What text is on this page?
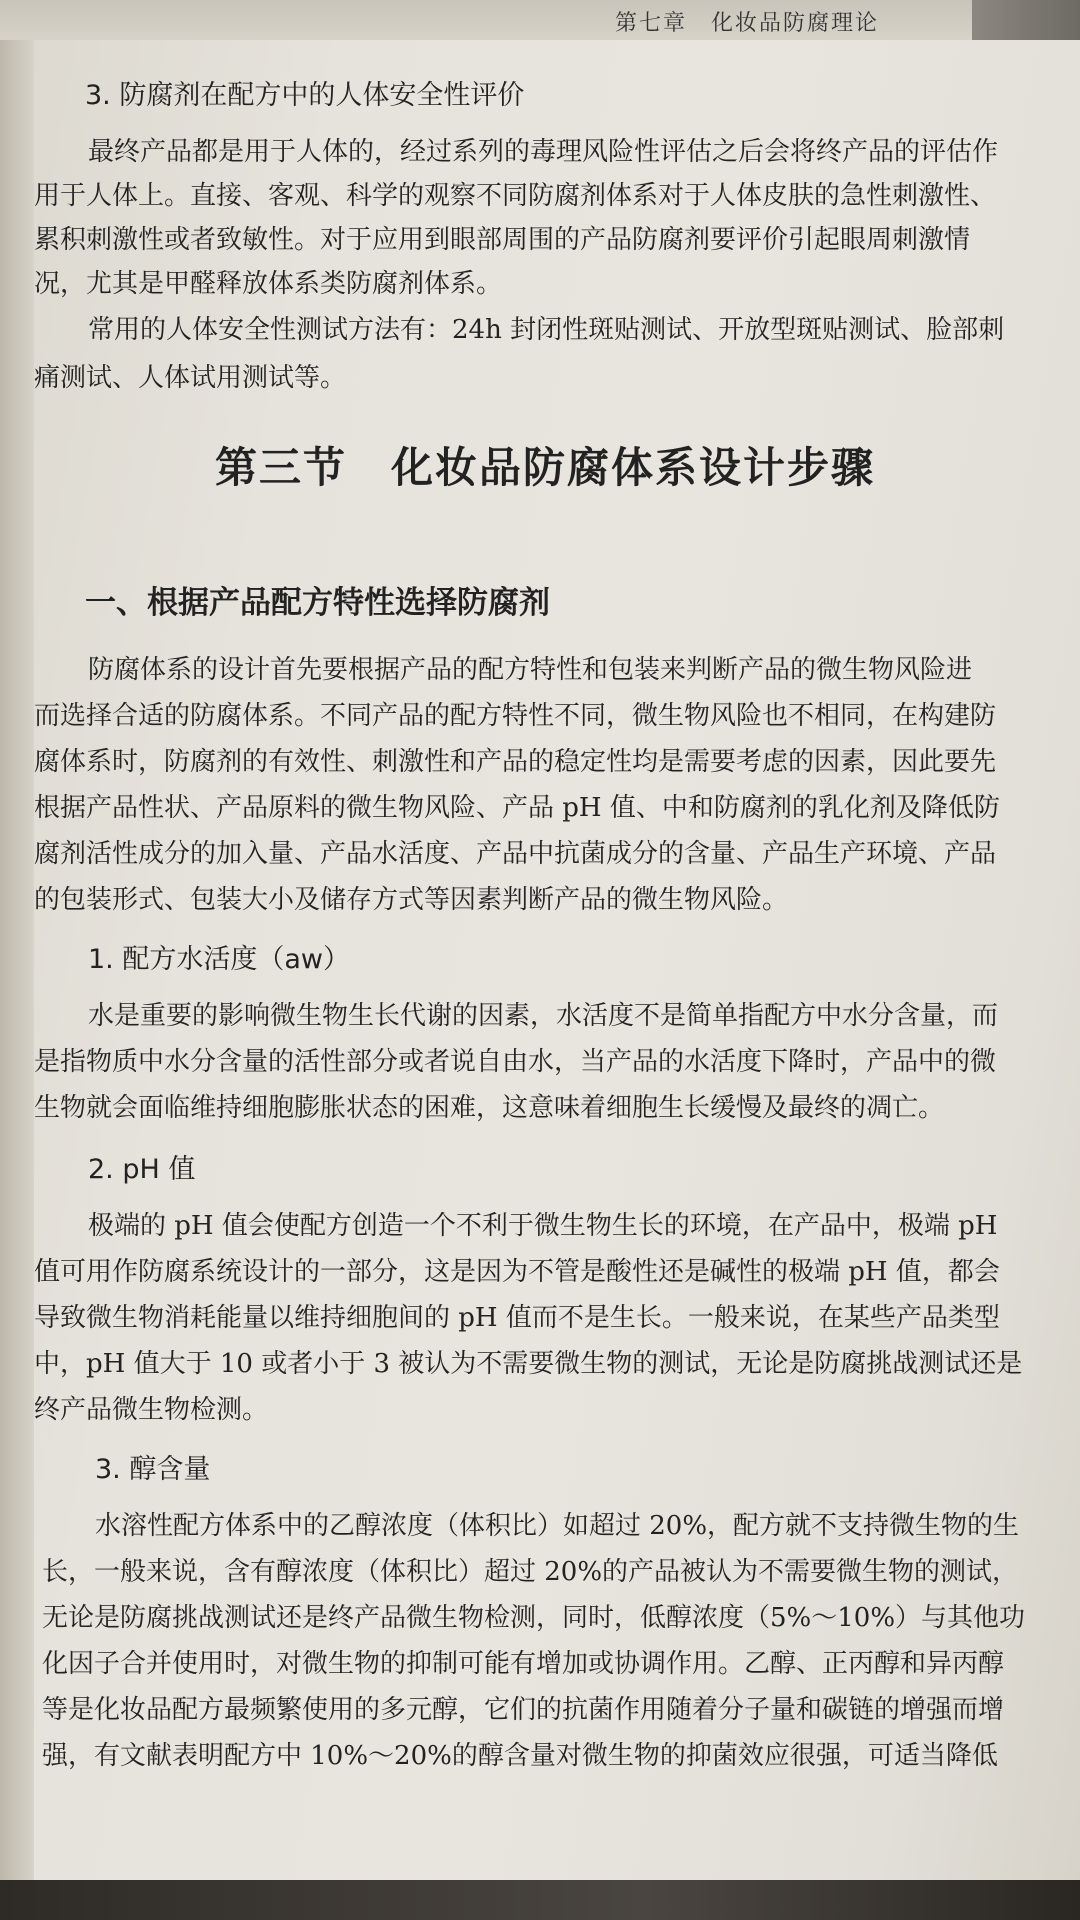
第七章　化妆品防腐理论
3. 防腐剂在配方中的人体安全性评价
最终产品都是用于人体的，经过系列的毒理风险性评估之后会将终产品的评估作
用于人体上。直接、客观、科学的观察不同防腐剂体系对于人体皮肤的急性刺激性、
累积刺激性或者致敏性。对于应用到眼部周围的产品防腐剂要评价引起眼周刺激情
况，尤其是甲醛释放体系类防腐剂体系。
常用的人体安全性测试方法有：24h 封闭性斑贴测试、开放型斑贴测试、脸部刺
痛测试、人体试用测试等。
第三节　化妆品防腐体系设计步骤
一、根据产品配方特性选择防腐剂
防腐体系的设计首先要根据产品的配方特性和包装来判断产品的微生物风险进
而选择合适的防腐体系。不同产品的配方特性不同，微生物风险也不相同，在构建防
腐体系时，防腐剂的有效性、刺激性和产品的稳定性均是需要考虑的因素，因此要先
根据产品性状、产品原料的微生物风险、产品 pH 值、中和防腐剂的乳化剂及降低防
腐剂活性成分的加入量、产品水活度、产品中抗菌成分的含量、产品生产环境、产品
的包装形式、包装大小及储存方式等因素判断产品的微生物风险。
1. 配方水活度（aw）
水是重要的影响微生物生长代谢的因素，水活度不是简单指配方中水分含量，而
是指物质中水分含量的活性部分或者说自由水，当产品的水活度下降时，产品中的微
生物就会面临维持细胞膨胀状态的困难，这意味着细胞生长缓慢及最终的凋亡。
2. pH 值
极端的 pH 值会使配方创造一个不利于微生物生长的环境，在产品中，极端 pH
值可用作防腐系统设计的一部分，这是因为不管是酸性还是碱性的极端 pH 值，都会
导致微生物消耗能量以维持细胞间的 pH 值而不是生长。一般来说，在某些产品类型
中，pH 值大于 10 或者小于 3 被认为不需要微生物的测试，无论是防腐挑战测试还是
终产品微生物检测。
3. 醇含量
水溶性配方体系中的乙醇浓度（体积比）如超过 20%，配方就不支持微生物的生
长，一般来说，含有醇浓度（体积比）超过 20%的产品被认为不需要微生物的测试，
无论是防腐挑战测试还是终产品微生物检测，同时，低醇浓度（5%～10%）与其他功
化因子合并使用时，对微生物的抑制可能有增加或协调作用。乙醇、正丙醇和异丙醇
等是化妆品配方最频繁使用的多元醇，它们的抗菌作用随着分子量和碳链的增强而增
强，有文献表明配方中 10%～20%的醇含量对微生物的抑菌效应很强，可适当降低
